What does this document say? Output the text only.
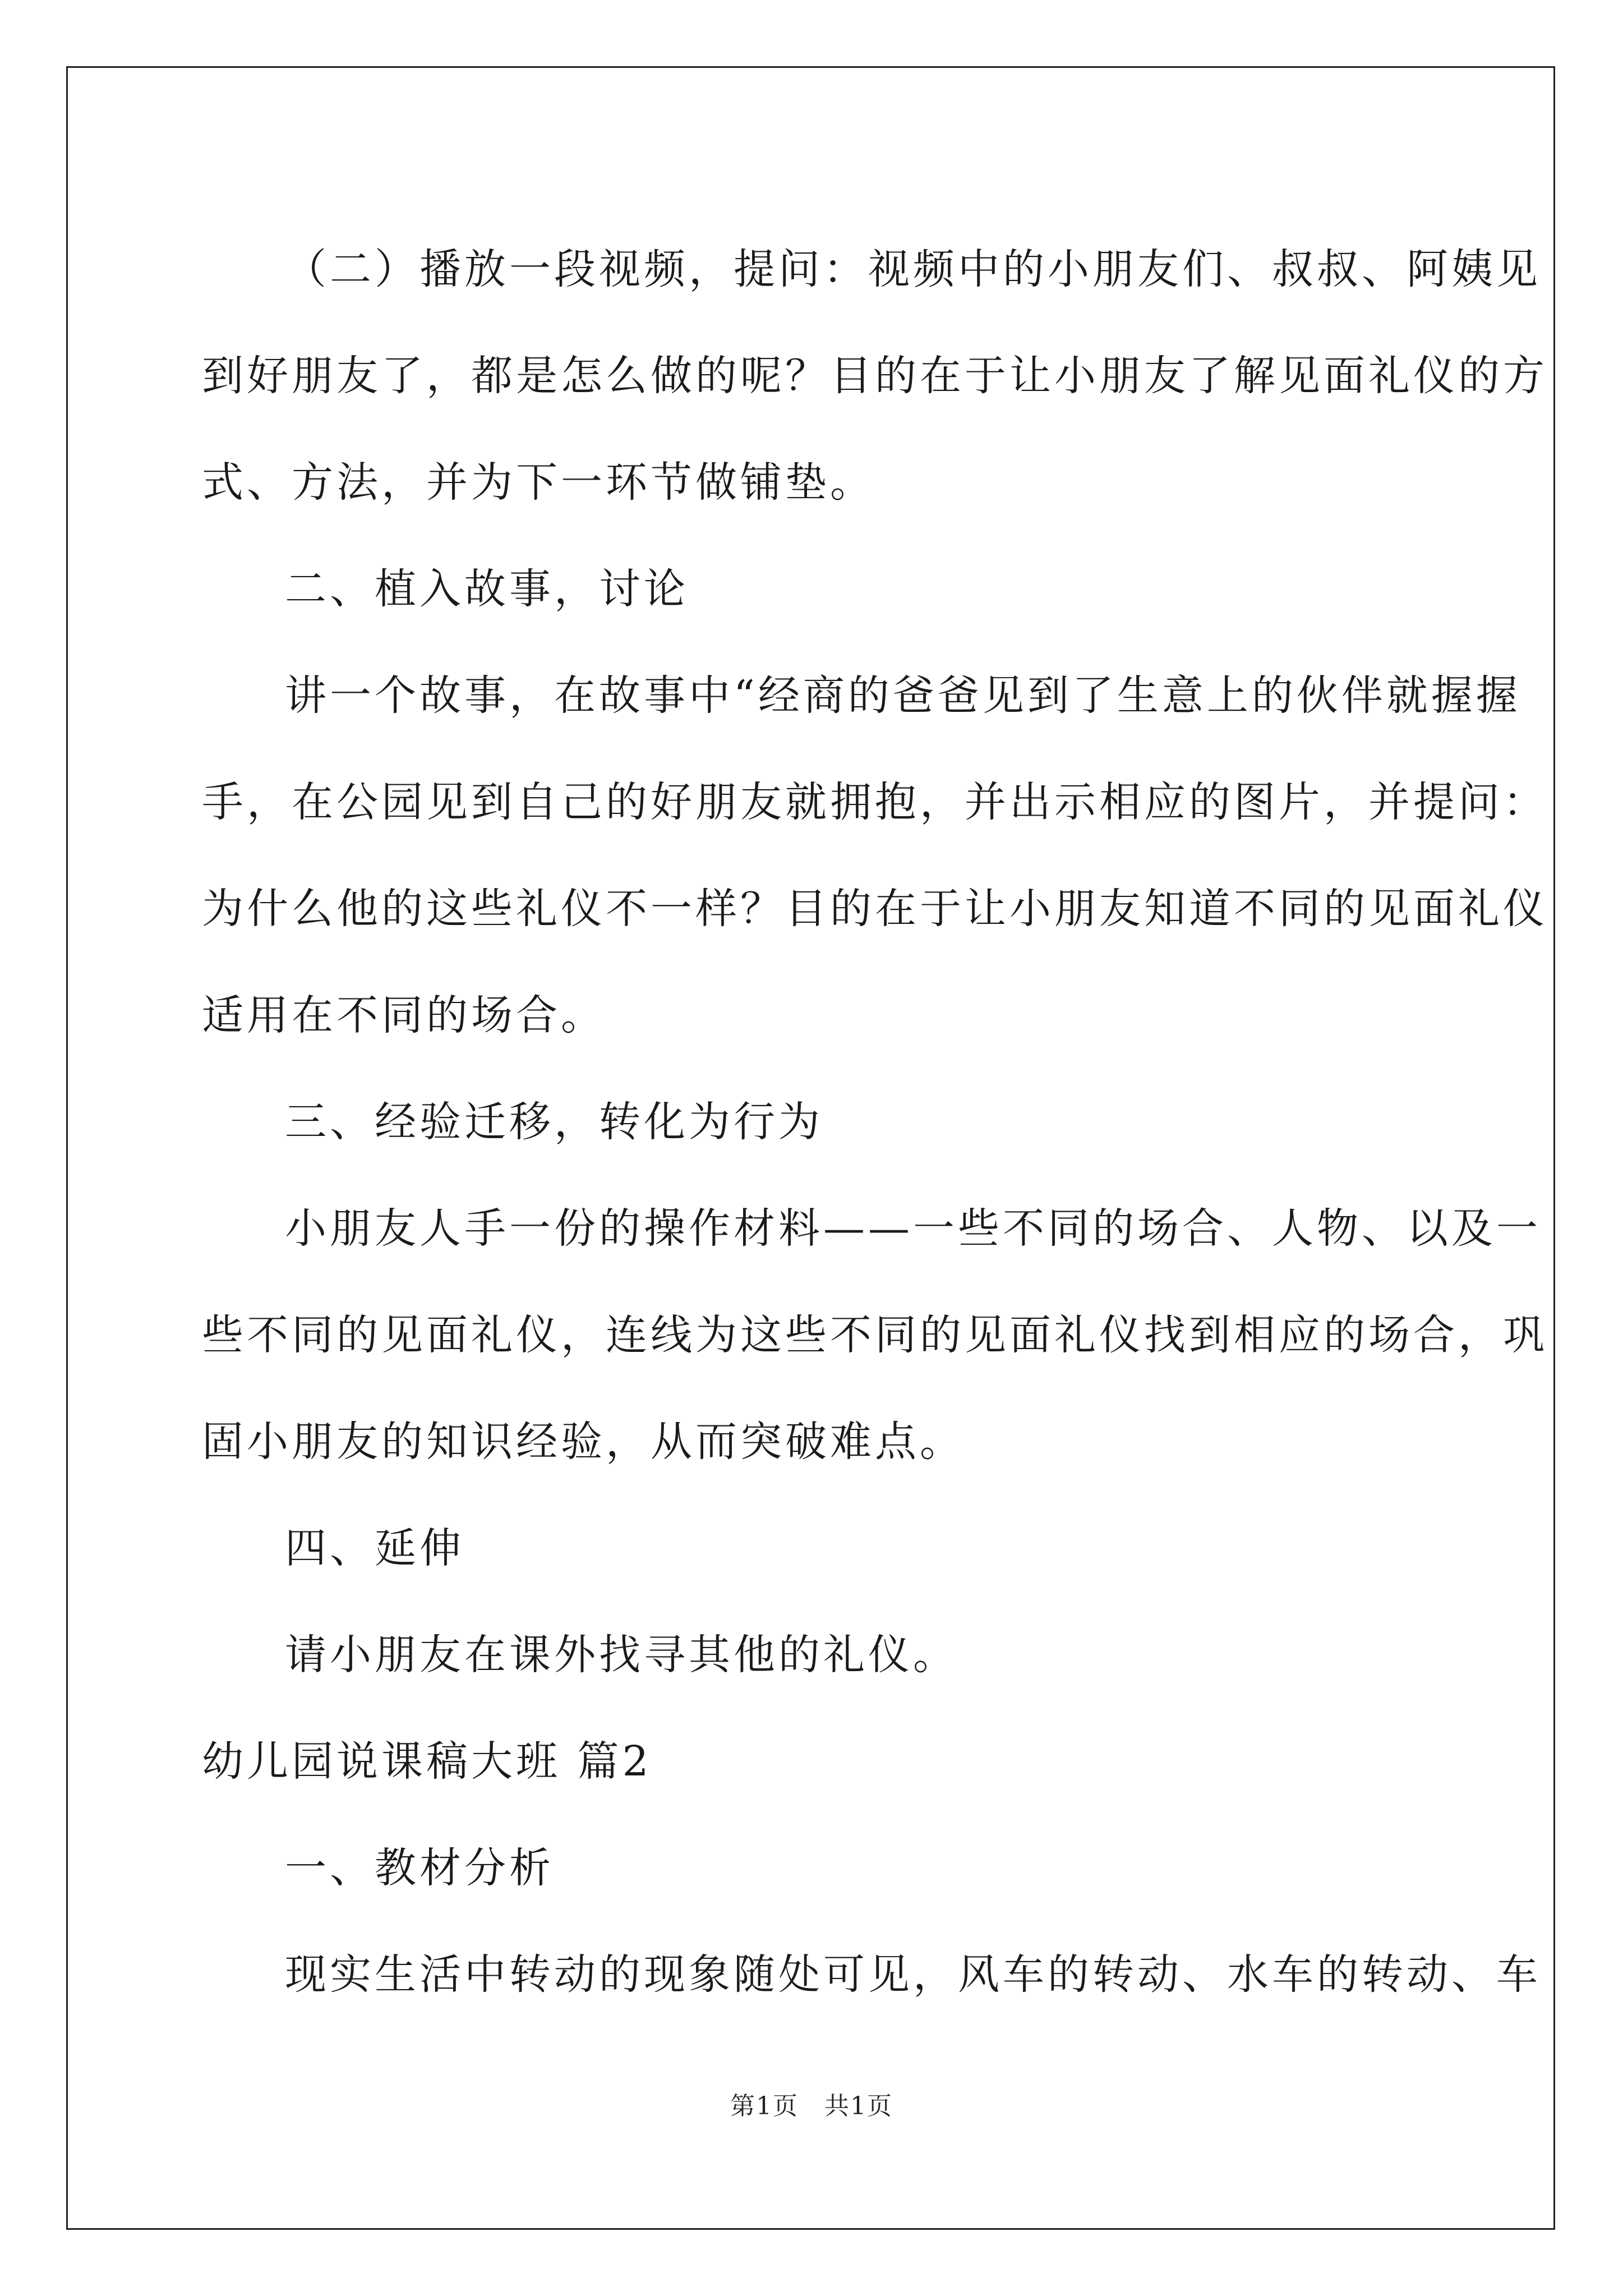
（二）播放一段视频，提问：视频中的小朋友们、叔叔、阿姨见
到好朋友了，都是怎么做的呢？目的在于让小朋友了解见面礼仪的方
式、方法，并为下一环节做铺垫。
二、植入故事，讨论
讲一个故事，在故事中“经商的爸爸见到了生意上的伙伴就握握
手，在公园见到自己的好朋友就拥抱，并出示相应的图片，并提问：
为什么他的这些礼仪不一样？目的在于让小朋友知道不同的见面礼仪
适用在不同的场合。
三、经验迁移，转化为行为
小朋友人手一份的操作材料——一些不同的场合、人物、以及一
些不同的见面礼仪，连线为这些不同的见面礼仪找到相应的场合，巩
固小朋友的知识经验，从而突破难点。
四、延伸
请小朋友在课外找寻其他的礼仪。
幼儿园说课稿大班 篇2
一、教材分析
现实生活中转动的现象随处可见，风车的转动、水车的转动、车
第1页　共1页
